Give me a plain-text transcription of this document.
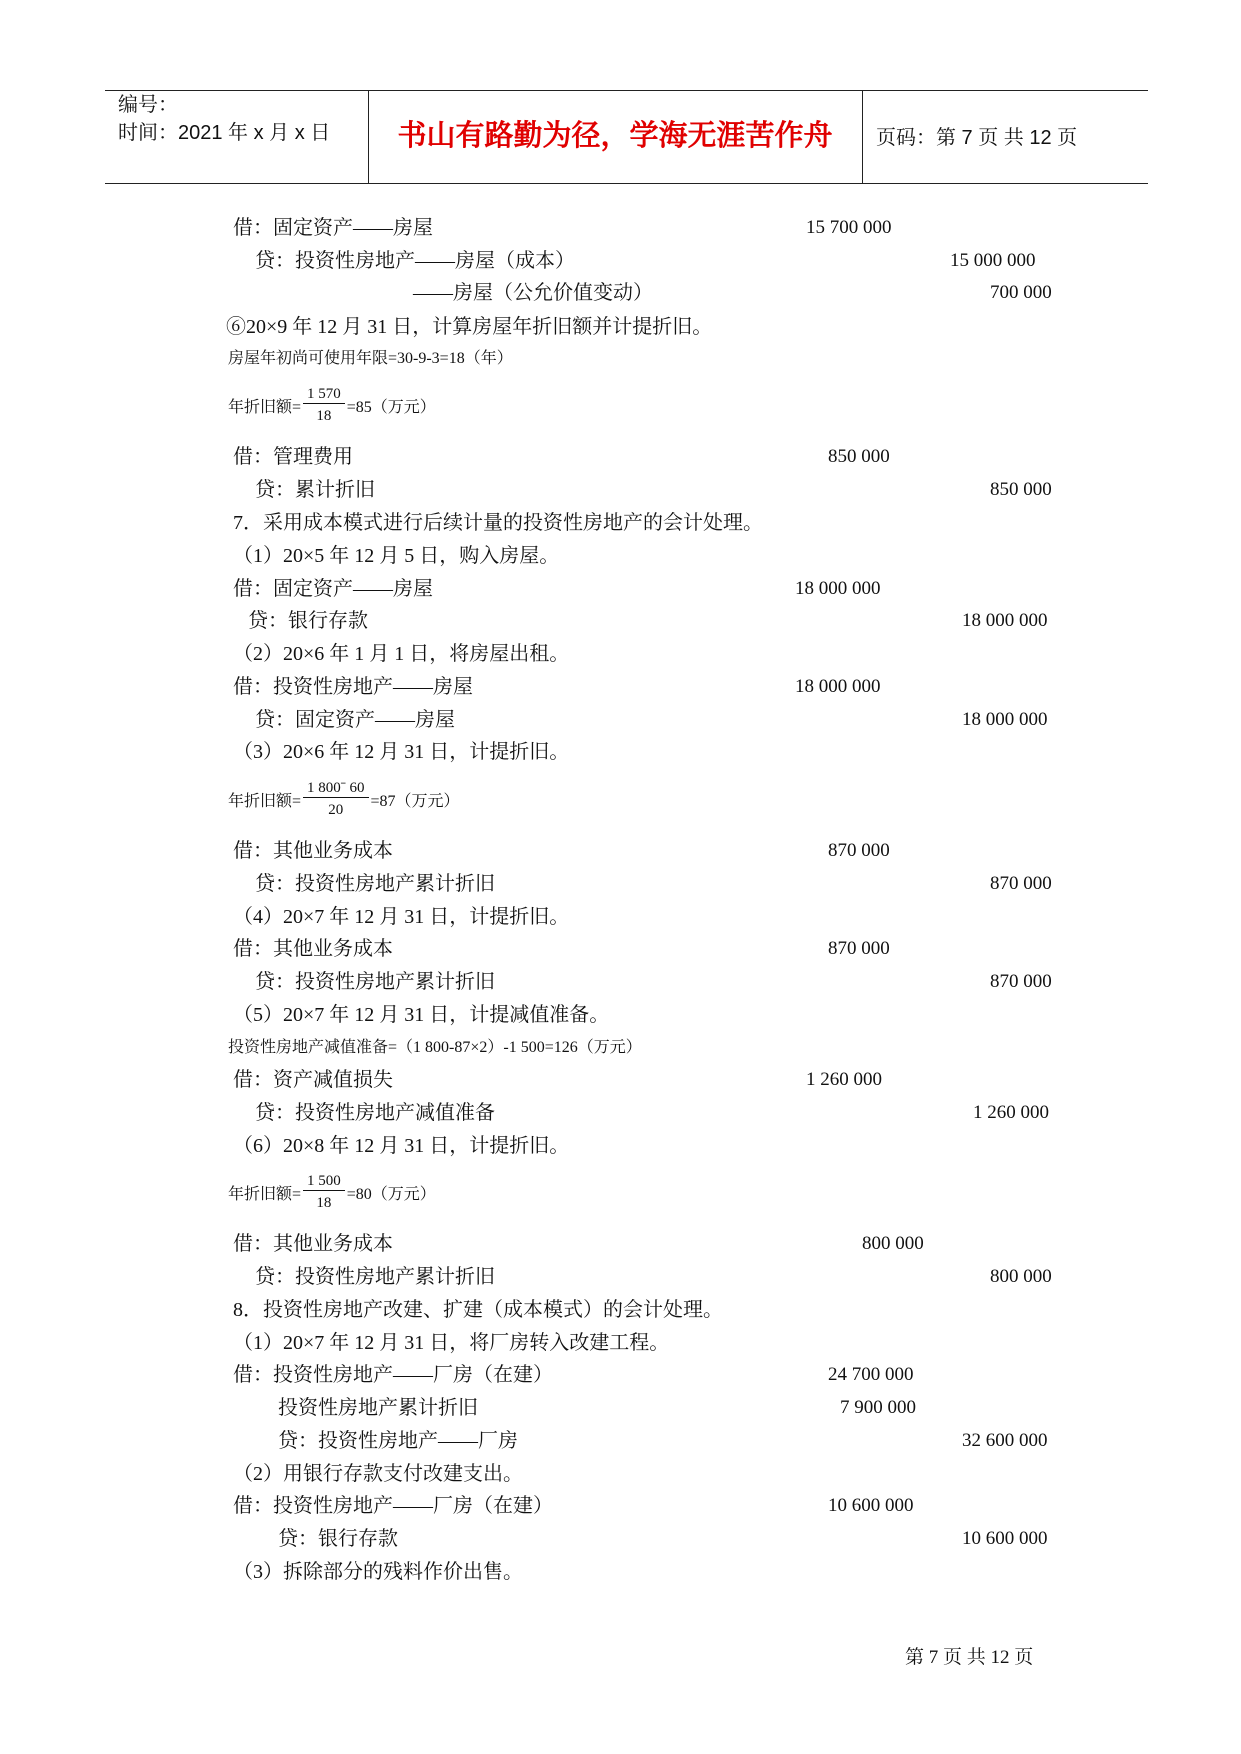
编号：
时间：2021 年 x 月 x 日	书山有路勤为径，学海无涯苦作舟	页码：第 7 页 共 12 页
借：固定资产——房屋	15 700 000
贷：投资性房地产——房屋（成本）	15 000 000
——房屋（公允价值变动）	700 000
⑥20×9 年 12 月 31 日，计算房屋年折旧额并计提折旧。
房屋年初尚可使用年限=30-9-3=18（年）
年折旧额= $\frac{1 570}{18} =85$（万元）
借：管理费用	850 000
贷：累计折旧	850 000
7．采用成本模式进行后续计量的投资性房地产的会计处理。
（1）20×5 年 12 月 5 日，购入房屋。
借：固定资产——房屋	18 000 000
贷：银行存款	18 000 000
（2）20×6 年 1 月 1 日，将房屋出租。
借：投资性房地产——房屋	18 000 000
贷：固定资产——房屋	18 000 000
（3）20×6 年 12 月 31 日，计提折旧。
年折旧额= $\frac{\text{1 800ˉ 60}}{20} =87$（万元）
借：其他业务成本	870 000
贷：投资性房地产累计折旧	870 000
（4）20×7 年 12 月 31 日，计提折旧。
借：其他业务成本	870 000
贷：投资性房地产累计折旧	870 000
（5）20×7 年 12 月 31 日，计提减值准备。
投资性房地产减值准备=（1 800-87×2）-1 500=126（万元）
借：资产减值损失	1 260 000
贷：投资性房地产减值准备	1 260 000
（6）20×8 年 12 月 31 日，计提折旧。
年折旧额= $\frac{1 500}{18} =80$（万元）
借：其他业务成本	800 000
贷：投资性房地产累计折旧	800 000
8．投资性房地产改建、扩建（成本模式）的会计处理。
（1）20×7 年 12 月 31 日，将厂房转入改建工程。
借：投资性房地产——厂房（在建）	24 700 000
投资性房地产累计折旧	7 900 000
贷：投资性房地产——厂房	32 600 000
（2）用银行存款支付改建支出。
借：投资性房地产——厂房（在建）	10 600 000
贷：银行存款	10 600 000
（3）拆除部分的残料作价出售。
第 7 页 共 12 页
